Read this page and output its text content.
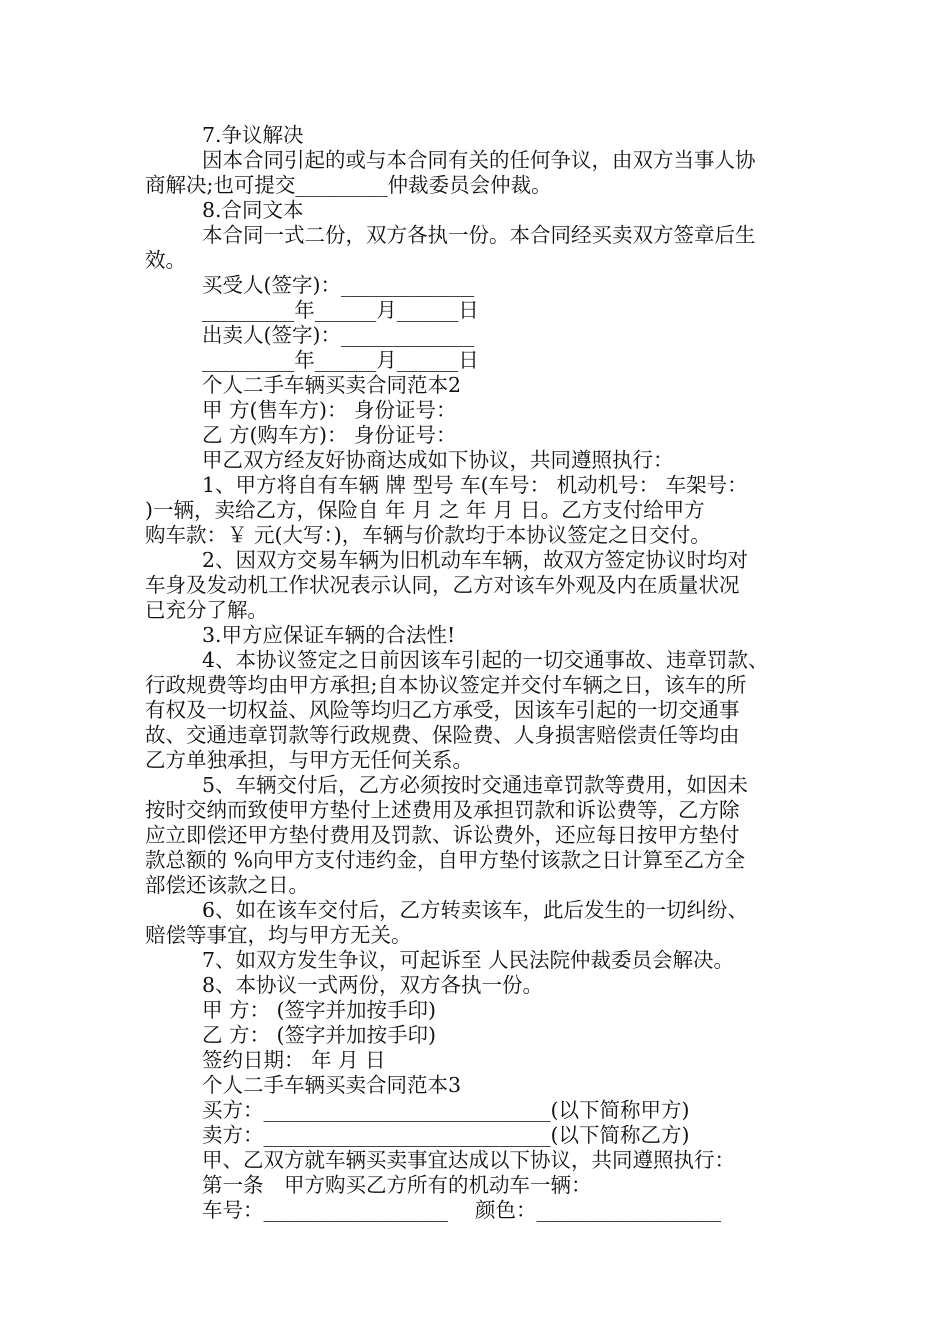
7.争议解决
因本合同引起的或与本合同有关的任何争议，由双方当事人协
商解决;也可提交_________仲裁委员会仲裁。
8.合同文本
本合同一式二份，双方各执一份。本合同经买卖双方签章后生
效。
买受人(签字)：_____________
_________年______月______日
出卖人(签字)：_____________
_________年______月______日
个人二手车辆买卖合同范本2
甲 方(售车方)： 身份证号：
乙 方(购车方)： 身份证号：
甲乙双方经友好协商达成如下协议，共同遵照执行：
1、甲方将自有车辆 牌 型号 车(车号： 机动机号： 车架号：
)一辆，卖给乙方，保险自 年 月 之 年 月 日。乙方支付给甲方
购车款：￥ 元(大写：)，车辆与价款均于本协议签定之日交付。
2、因双方交易车辆为旧机动车车辆，故双方签定协议时均对
车身及发动机工作状况表示认同，乙方对该车外观及内在质量状况
已充分了解。
3.甲方应保证车辆的合法性!
4、本协议签定之日前因该车引起的一切交通事故、违章罚款、
行政规费等均由甲方承担;自本协议签定并交付车辆之日，该车的所
有权及一切权益、风险等均归乙方承受，因该车引起的一切交通事
故、交通违章罚款等行政规费、保险费、人身损害赔偿责任等均由
乙方单独承担，与甲方无任何关系。
5、车辆交付后，乙方必须按时交通违章罚款等费用，如因未
按时交纳而致使甲方垫付上述费用及承担罚款和诉讼费等，乙方除
应立即偿还甲方垫付费用及罚款、诉讼费外，还应每日按甲方垫付
款总额的 %向甲方支付违约金，自甲方垫付该款之日计算至乙方全
部偿还该款之日。
6、如在该车交付后，乙方转卖该车，此后发生的一切纠纷、
赔偿等事宜，均与甲方无关。
7、如双方发生争议，可起诉至 人民法院仲裁委员会解决。
8、本协议一式两份，双方各执一份。
甲 方： (签字并加按手印)
乙 方： (签字并加按手印)
签约日期： 年 月 日
个人二手车辆买卖合同范本3
买方：____________________________(以下简称甲方)
卖方：____________________________(以下简称乙方)
甲、乙双方就车辆买卖事宜达成以下协议，共同遵照执行：
第一条　甲方购买乙方所有的机动车一辆：
车号：__________________　 颜色：__________________
